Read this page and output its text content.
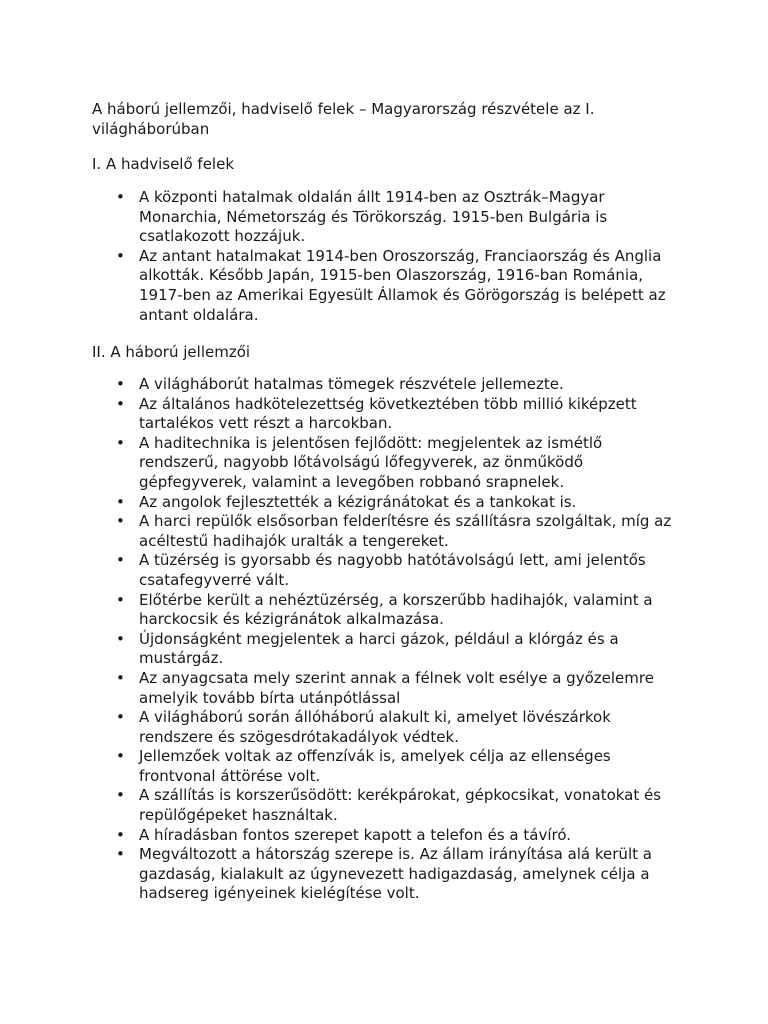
A háború jellemzői, hadviselő felek – Magyarország részvétele az I. világháborúban
I. A hadviselő felek
• A központi hatalmak oldalán állt 1914-ben az Osztrák–Magyar Monarchia, Németország és Törökország. 1915-ben Bulgária is csatlakozott hozzájuk.
• Az antant hatalmakat 1914-ben Oroszország, Franciaország és Anglia alkották. Később Japán, 1915-ben Olaszország, 1916-ban Románia, 1917-ben az Amerikai Egyesült Államok és Görögország is belépett az antant oldalára.
II. A háború jellemzői
• A világháborút hatalmas tömegek részvétele jellemezte.
• Az általános hadkötelezettség következtében több millió kiképzett tartalékos vett részt a harcokban.
• A haditechnika is jelentősen fejlődött: megjelentek az ismétlő rendszerű, nagyobb lőtávolságú lőfegyverek, az önműködő gépfegyverek, valamint a levegőben robbanó srapnelek.
• Az angolok fejlesztették a kézigránátokat és a tankokat is.
• A harci repülők elsősorban felderítésre és szállításra szolgáltak, míg az acéltestű hadihajók uralták a tengereket.
• A tüzérség is gyorsabb és nagyobb hatótávolságú lett, ami jelentős csatafegyverré vált.
• Előtérbe került a nehéztüzérség, a korszerűbb hadihajók, valamint a harckocsik és kézigránátok alkalmazása.
• Újdonságként megjelentek a harci gázok, például a klórgáz és a mustárgáz.
• Az anyagcsata mely szerint annak a félnek volt esélye a győzelemre amelyik tovább bírta utánpótlással
• A világháború során állóháború alakult ki, amelyet lövészárkok rendszere és szögesdrótakadályok védtek.
• Jellemzőek voltak az offenzívák is, amelyek célja az ellenséges frontvonal áttörése volt.
• A szállítás is korszerűsödött: kerékpárokat, gépkocsikat, vonatokat és repülőgépeket használtak.
• A híradásban fontos szerepet kapott a telefon és a távíró.
• Megváltozott a hátország szerepe is. Az állam irányítása alá került a gazdaság, kialakult az úgynevezett hadigazdaság, amelynek célja a hadsereg igényeinek kielégítése volt.
